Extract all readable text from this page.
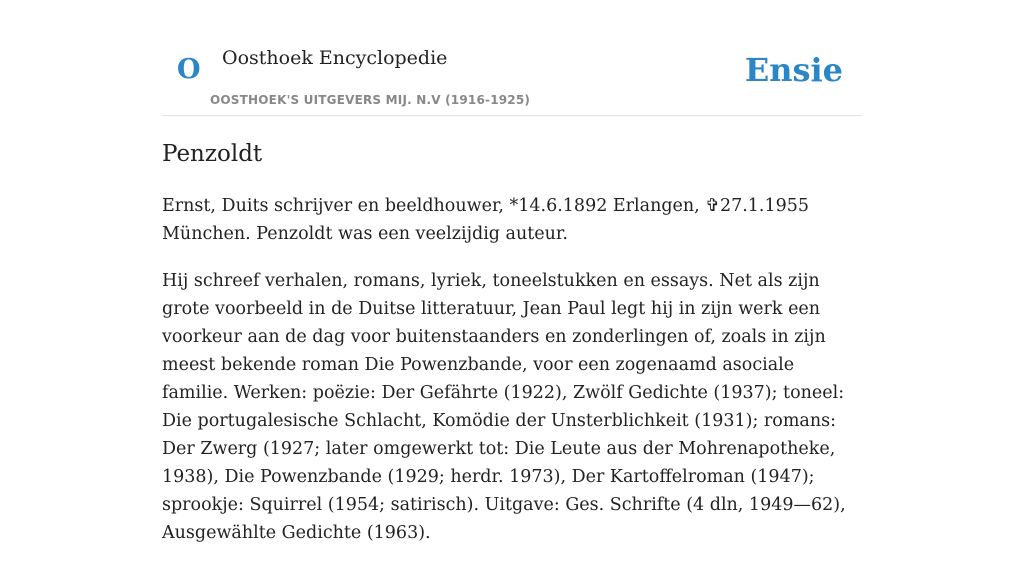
O Oosthoek Encyclopedie
OOSTHOEK'S UITGEVERS MIJ. N.V (1916-1925)
Ensie
Penzoldt

Ernst, Duits schrijver en beeldhouwer, *14.6.1892 Erlangen, ✞27.1.1955 München. Penzoldt was een veelzijdig auteur.

Hij schreef verhalen, romans, lyriek, toneelstukken en essays. Net als zijn grote voorbeeld in de Duitse litteratuur, Jean Paul legt hij in zijn werk een voorkeur aan de dag voor buitenstaanders en zonderlingen of, zoals in zijn meest bekende roman Die Powenzbande, voor een zogenaamd asociale familie. Werken: poëzie: Der Gefährte (1922), Zwölf Gedichte (1937); toneel: Die portugalesische Schlacht, Komödie der Unsterblichkeit (1931); romans: Der Zwerg (1927; later omgewerkt tot: Die Leute aus der Mohrenapotheke, 1938), Die Powenzbande (1929; herdr. 1973), Der Kartoffelroman (1947); sprookje: Squirrel (1954; satirisch). Uitgave: Ges. Schrifte (4 dln, 1949—62), Ausgewählte Gedichte (1963).
